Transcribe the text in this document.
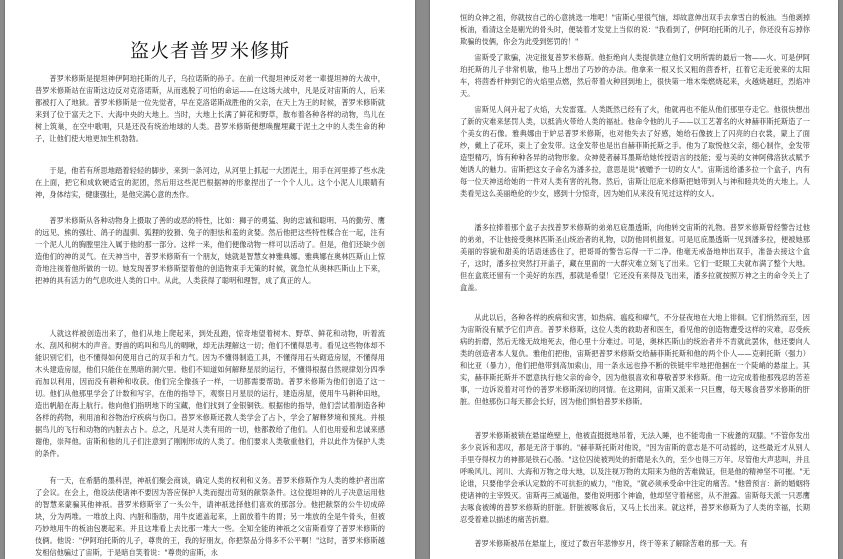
盗火者普罗米修斯

普罗米修斯是提坦神伊阿珀托斯的儿子，乌拉诺斯的孙子。在前一代提坦神反对老一辈提坦神的大战中，普罗米修斯站在宙斯这边反对克洛诺斯，从而逃脱了可怕的命运——在这场大战中，凡是反对宙斯的人，后来都被打入了地狱。普罗米修斯是一位先觉者，早在克洛诺斯战胜他的父亲，在天上为王的时候，普罗米修斯就来到了位于富天之下、大海中央的大地上。当时，大地上长满了鲜花和野草，散布着各种各样的动物，鸟儿在树上筑巢，在空中歌唱，只是还没有统治地球的人类。普罗米修斯便想唤醒埋藏于泥土之中的人类生命的种子，让他们使大地更加生机勃勃。

于是，他若有所思地踏着轻轻的脚步，来到一条河边，从河里上抓起一大团泥土，用手在河里捧了些水洗在上面，把它和成软硬适宜的泥团，然后用这些泥巴根据神的形象捏出了一个个人儿。这个小泥人儿眼睛有神，身体结实，健康强壮，是他完满心意的杰作。

普罗米修斯从各种动物身上摄取了善的或恶的特性，比如：狮子的勇猛、狗的忠诚和聪明、马的勤劳、鹰的远见、熊的强壮、鸽子的温驯、狐狸的狡猾、兔子的胆怯和羞的贪婪。然后他把这些特性糅合在一起，注有一个泥人儿的胸膛里注入属于他的那一部分。这样一来，他们便像动物一样可以活动了。但是，他们还缺少创造他们的神的灵气。在天神当中，普罗米修斯有一个朋友，她就是智慧女神雅典娜。雅典娜在奥林匹斯山上惊奇地注视着他所做的一切。她发现普罗米修斯望着他的创造物束手无策的时候，就急忙从奥林匹斯山上下来，把神的具有活力的气息吹进人类的口中。从此，人类获得了聪明和理智，成了真正的人。

人就这样被创造出来了，他们从地上爬起来，到处乱跑，惊奇地望着树木、野草、鲜花和动物，听着流水、刮风和树木的声音。野兽的呜叫和鸟儿的啁啾，却无法理解这一切；他们不懂得思考。看见这些物体却不能识别它们，也不懂得如何使用自己的双手和力气。因为不懂得制造工具，不懂得用石头砌造房屋，不懂得用木头建造房屋，他们只能住在黑暗的洞穴里。他们不知道如何解释星辰的运行，不懂得根据自然规律划分四季而加以利用，因而没有耕种和收获。他们完全像孩子一样，一切都需要帮助。普罗米修斯为他们创造了这一切。他们从他那里学会了计数和写字，在他的指导下，观察日月星辰的运行，建造房屋，使用牛马耕种田地，造出帆船在海上航行。他向他们指明地下的宝藏，他们找到了金银铜铁。根据他的指导，他们尝试着制造各种各样的药物，利用油和谷物治疗疾病与伤口。普罗米修斯还教人类学会了占卜，学会了解释梦境和预兆。并根据鸟儿的飞行和动物的内脏去占卜。总之，凡是对人类有用的一切，他都教给了他们。人们也用爱和忠诚来感谢他，崇拜他。宙斯和他的儿子们注意到了刚刚形成的人类了。他们要求人类敬重他们，并以此作为保护人类的条件。

有一天，在希腊的墨科涅，神祇们聚会商谈，确定人类的权利和义务。普罗米修斯作为人类的维护者出席了会议。在会上，他设法使诸神不要因为答应保护人类而提出苛刻的献祭条件。这位提坦神的儿子决意运用他的智慧来蒙骗其他神祇。普罗米修斯宰了一头公牛，请神祇选择他们喜欢的那部分。他把献祭的公牛切成碎块，分为两堆。一堆放上肉、内脏和脂肪，用牛皮遮盖起来，上面放着牛的胃；另一堆放的全是牛骨头，但被巧妙地用牛的板油包裹起来。并且这堆看上去比那一堆大一些。全知全能的神祇之父宙斯看穿了普罗米修斯的伎俩。他说："伊阿珀托斯的儿子，尊贵的王，我的好朋友，你把祭品分得多不公平啊！"这时，普罗米修斯越发相信他骗过了宙斯，于是暗自笑着说："尊贵的宙斯，永

恒的众神之祖，你就按自己的心意挑选一堆吧！"宙斯心里很气恼，却故意伸出双手去拿雪白的板油。当他剥掉板油，看清这全是剔光的骨头时，便装着才发觉上当似的说："我看到了，伊阿珀托斯的儿子，你还没有忘掉你欺骗的伎俩，你会为此受到惩罚的！"

宙斯受了欺骗，决定报复普罗米修斯。他拒绝向人类提供建立他们文明所需的最后一物——火。可是伊阿珀托斯的儿子非常机敏，他马上想出了巧妙的办法。他拿来一根又长又粗的茴香杆，扛着它走近驶来的太阳车，将茴香杆伸到它的火焰里点燃，然后带着火种回到地上，很快第一堆木柴燃烧起来，火越烧越旺，烈焰冲天。

宙斯见人间升起了火焰，大发雷霆。人类既然已经有了火，他就再也不能从他们那里夺走它。他很快想出了新的灾难来惩罚人类，以抵消火带给人类的福祉。他命令他的儿子——以工艺著名的火神赫菲斯托斯造了一个美女的石像。雅典娜由于妒忌普罗米修斯，也对他失去了好感，她给石像披上了闪亮的白衣裳，蒙上了面纱，戴上了花环，束上了金发带。这金发带也是出自赫菲斯托斯之手。他为了取悦他父亲，细心制作，金发带造型精巧，饰有种种各异的动物形象。众神使者赫耳墨斯给她传授语言的技能；爱与美的女神阿佛洛狄忒赋予她诱人的魅力。宙斯把这女子命名为潘多拉，意思是说"被赠予一切的女人"。宙斯送给潘多拉一个盒子，内有每一位天神送给她的一件对人类有害的礼物。然后，宙斯让厄庇米修斯把她带到人与神和睦共处的大地上。人类看见这么美丽绝伦的少女，感到十分惊奇，因为她们从来没有见过这样的女人。

潘多拉捧着那个盒子去找普罗米修斯的弟弟厄庇墨透斯，向他转交宙斯的礼物。普罗米修斯曾经警告过他的弟弟，不让他接受奥林匹斯圣山统治者的礼物，以防他同机报复。可是厄庇墨透斯一见到潘多拉，便被她那美丽的容貌和甜美的话语迷惑住了，把哥哥的警告忘得一干二净。他毫无戒备地伸出双手，准备去接这个盒子，这时，潘多拉突然打开盖子，藏在里面的一大群灾难立刻飞了出来。它们一眨眼工夫就布满了整个大地。但在盒底还留有一个美好的东西，那就是希望！它还没有来得及飞出来，潘多拉就按照万神之主的命令关上了盒盖。

从此以后，各种各样的疾病和灾害，如热病、瘟疫和瘴气，不分昼夜地在大地上徘徊。它们悄然而至，因为宙斯没有赋予它们声音。普罗米修斯，这位人类的救助者和医生，看见他的创造物遭受这样的灾难，忍受疾病的折磨，然后无缘无故地死去，他心里十分难过。可是，奥林匹斯山的统治者并不肯就此罢休，他还要向人类的创造者本人复仇。雅他们把他，宙斯把普罗米修斯交给赫菲斯托斯和他的两个仆人——克刺托斯（强力）和比亚（暴力），他们把他带到高加索山，用一条永远也挣不断的铁链牢牢地把他捆在一个陡峭的悬崖上。其实，赫菲斯托斯并不愿意执行他父亲的命令，因为他很喜欢和尊敬普罗米修斯。他一边完成着他那残忍的苦差事，一边诉说着对可怜的普罗米修斯深切的同情。在这期间，宙斯又派来一只巨鹰，每天啄食普罗米修斯的肝脏。但他那伤口每天都会长好，因为他们惧怕普罗米修斯。

普罗米修斯被锁在悬崖绝壁上，他被直挺挺地吊着，无法入睡，也不能弯曲一下疲惫的双膝。"不管你发出多少哀诉和悲叹，都是无济于事的。"赫菲斯托斯对他说，"因为宙斯的意志是不可动摇的，这些最近才从别人手里夺得权力的神都是铁石心肠。"这位囚徒被判处的折磨是永久的，至少也得三万年。尽管他大声悲叫，并且呼唤风儿、河川、大海和万物之母大地，以及注视万物的太阳来为他的苦难做证，但是他的精神坚不可摧。"无论谁，只要他学会承认定数的不可抗拒的威力，"他说，"就必须承受命中注定的痛苦。"他曾预言：新的婚姻将使诸神的主宰毁灭。宙斯再三威逼他，要他说明那个神谕，他却坚守着秘密，从不泄露。宙斯每天派一只恶鹰去啄食被缚的普罗米修斯的肝脏。肝脏被啄食后，又马上长出来。就这样，普罗米修斯为了人类的幸福，长期忍受着难以描述的痛苦折磨。

普罗米修斯被吊在悬崖上，度过了数百年悲惨岁月，终于等来了解除苦难的那一天。有
